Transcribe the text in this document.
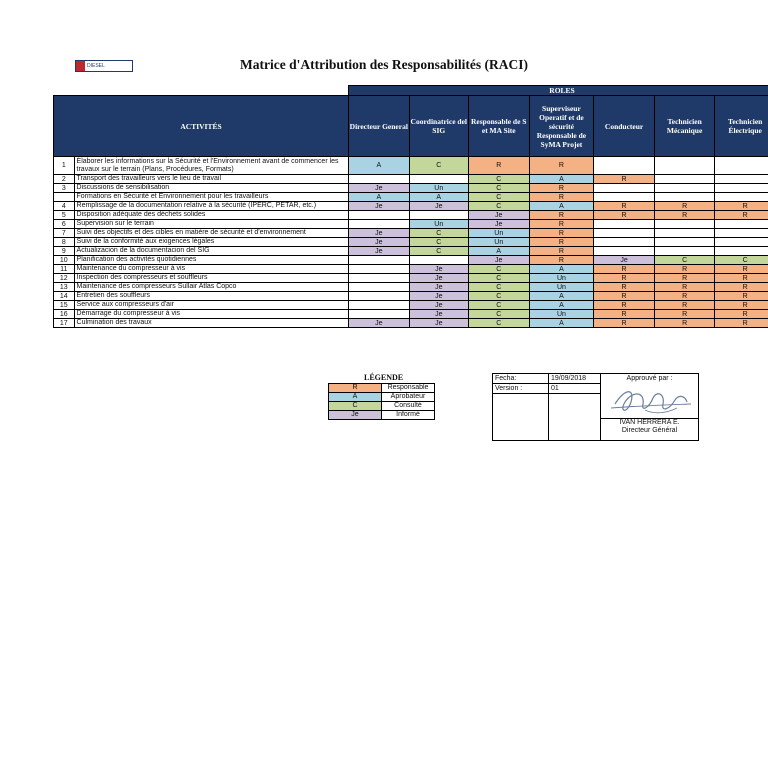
DIESEL	Matrice d'Attribution des Responsabilités (RACI)
		ROLES						
ACTIVITÉS		Directeur General	Coordinatrice del SIG	Responsable de S et MA Site	Superviseur Operatif et de sécurité Responsable de SyMA Projet	Conducteur	Technicien Mécanique	Technicien Électrique
1	Élaborer les informations sur la Sécurité et l'Environnement avant de commencer les travaux sur le terrain (Plans, Procédures, Formats)	A	C	R	R			
2	Transport des travailleurs vers le lieu de travail			C	A	R		
3	Discussions de sensibilisation	Je	Un	C	R			
	Formations en Sécurité et Environnement pour les travailleurs	A	A	C	R			
4	Remplissage de la documentation relative à la sécurité (IPERC, PETAR, etc.)	Je	Je	C	A	R	R	R
5	Disposition adéquate des déchets solides			Je	R	R	R	R
6	Supervision sur le terrain		Un	Je	R			
7	Suivi des objectifs et des cibles en matière de sécurité et d'environnement	Je	C	Un	R			
8	Suivi de la conformité aux exigences légales	Je	C	Un	R			
9	Actualizacion de la documentacion del SIG	Je	C	A	R			
10	Planification des activités quotidiennes			Je	R	Je	C	C
11	Maintenance du compresseur à vis		Je	C	A	R	R	R
12	Inspection des compresseurs et souffleurs		Je	C	Un	R	R	R
13	Maintenance des compresseurs Sullair Atlas Copco		Je	C	Un	R	R	R
14	Entretien des souffleurs		Je	C	A	R	R	R
15	Service aux compresseurs d'air		Je	C	A	R	R	R
16	Démarrage du compresseur à vis		Je	C	Un	R	R	R
17	Culmination des travaux	Je	Je	C	A	R	R	R
LÉGENDE
R	Responsable
A	Aprobateur
C	Consulté
Je	Informé
Fecha:	19/09/2018	Approuvé par :
IVAN HERRERA E.
Directeur Général

Version :	01	
